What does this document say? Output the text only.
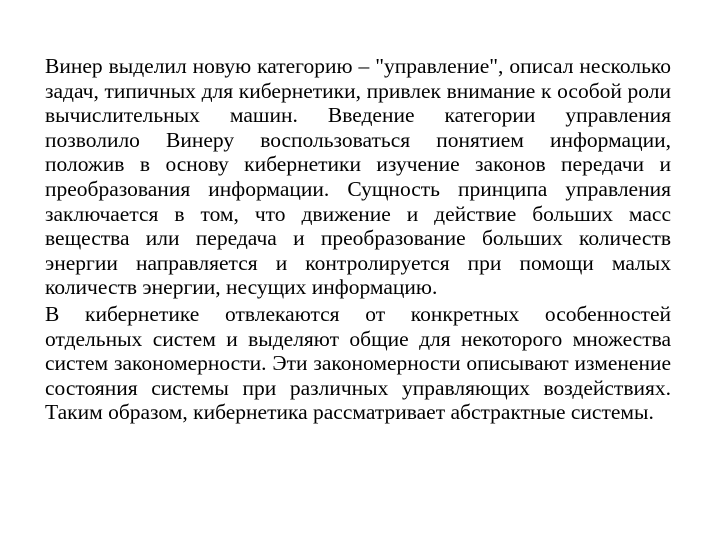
Винер выделил новую категорию – "управление", описал несколько задач, типичных для кибернетики, привлек внимание к особой роли вычислительных машин. Введение категории управления позволило Винеру воспользоваться понятием информации, положив в основу кибернетики изучение законов передачи и преобразования информации. Сущность принципа управления заключается в том, что движение и действие больших масс вещества или передача и преобразование больших количеств энергии направляется и контролируется при помощи малых количеств энергии, несущих информацию.

В кибернетике отвлекаются от конкретных особенностей отдельных систем и выделяют общие для некоторого множества систем закономерности. Эти закономерности описывают изменение состояния системы при различных управляющих воздействиях. Таким образом, кибернетика рассматривает абстрактные системы.
